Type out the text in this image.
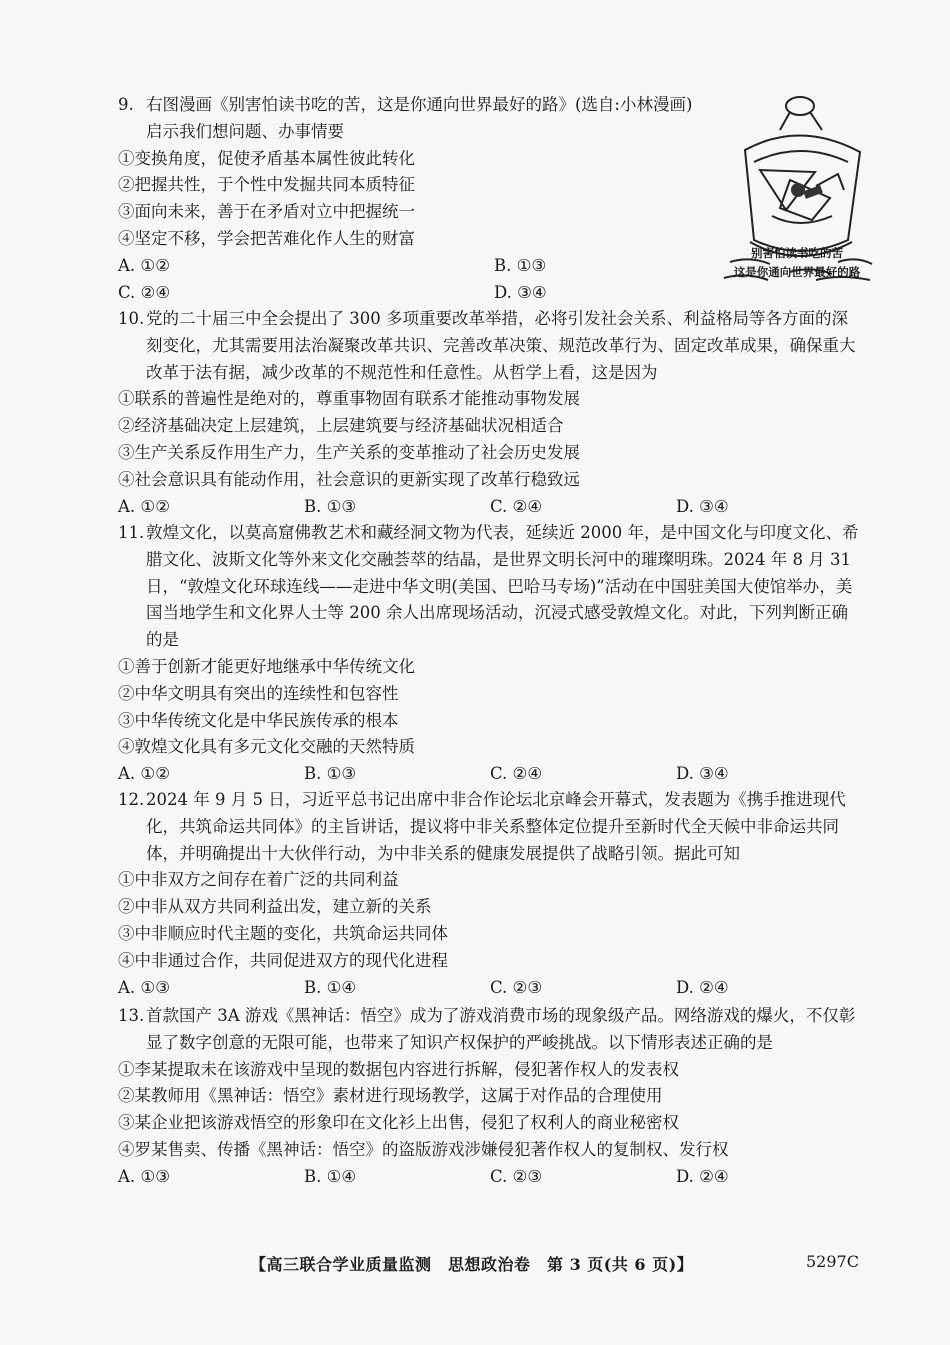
9. 右图漫画《别害怕读书吃的苦，这是你通向世界最好的路》(选自:小林漫画)启示我们想问题、办事情要

①变换角度，促使矛盾基本属性彼此转化

②把握共性，于个性中发掘共同本质特征

③面向未来，善于在矛盾对立中把握统一

④坚定不移，学会把苦难化作人生的财富

A. ①②	B. ①③

C. ②④	D. ③④

别害怕读书吃的苦
这是你通向世界最好的路

10. 党的二十届三中全会提出了 300 多项重要改革举措，必将引发社会关系、利益格局等各方面的深刻变化，尤其需要用法治凝聚改革共识、完善改革决策、规范改革行为、固定改革成果，确保重大改革于法有据，减少改革的不规范性和任意性。从哲学上看，这是因为

①联系的普遍性是绝对的，尊重事物固有联系才能推动事物发展

②经济基础决定上层建筑，上层建筑要与经济基础状况相适合

③生产关系反作用生产力，生产关系的变革推动了社会历史发展

④社会意识具有能动作用，社会意识的更新实现了改革行稳致远

A. ①②	B. ①③	C. ②④	D. ③④

11. 敦煌文化，以莫高窟佛教艺术和藏经洞文物为代表，延续近 2000 年，是中国文化与印度文化、希腊文化、波斯文化等外来文化交融荟萃的结晶，是世界文明长河中的璀璨明珠。2024 年 8 月 31 日，“敦煌文化环球连线——走进中华文明(美国、巴哈马专场)”活动在中国驻美国大使馆举办，美国当地学生和文化界人士等 200 余人出席现场活动，沉浸式感受敦煌文化。对此，下列判断正确的是

①善于创新才能更好地继承中华传统文化

②中华文明具有突出的连续性和包容性

③中华传统文化是中华民族传承的根本

④敦煌文化具有多元文化交融的天然特质

A. ①②	B. ①③	C. ②④	D. ③④

12. 2024 年 9 月 5 日，习近平总书记出席中非合作论坛北京峰会开幕式，发表题为《携手推进现代化，共筑命运共同体》的主旨讲话，提议将中非关系整体定位提升至新时代全天候中非命运共同体，并明确提出十大伙伴行动，为中非关系的健康发展提供了战略引领。据此可知

①中非双方之间存在着广泛的共同利益

②中非从双方共同利益出发，建立新的关系

③中非顺应时代主题的变化，共筑命运共同体

④中非通过合作，共同促进双方的现代化进程

A. ①③	B. ①④	C. ②③	D. ②④

13. 首款国产 3A 游戏《黑神话：悟空》成为了游戏消费市场的现象级产品。网络游戏的爆火，不仅彰显了数字创意的无限可能，也带来了知识产权保护的严峻挑战。以下情形表述正确的是

①李某提取未在该游戏中呈现的数据包内容进行拆解，侵犯著作权人的发表权

②某教师用《黑神话：悟空》素材进行现场教学，这属于对作品的合理使用

③某企业把该游戏悟空的形象印在文化衫上出售，侵犯了权利人的商业秘密权

④罗某售卖、传播《黑神话：悟空》的盗版游戏涉嫌侵犯著作权人的复制权、发行权

A. ①③	B. ①④	C. ②③	D. ②④

【高三联合学业质量监测　思想政治卷　第 3 页(共 6 页)】	5297C
